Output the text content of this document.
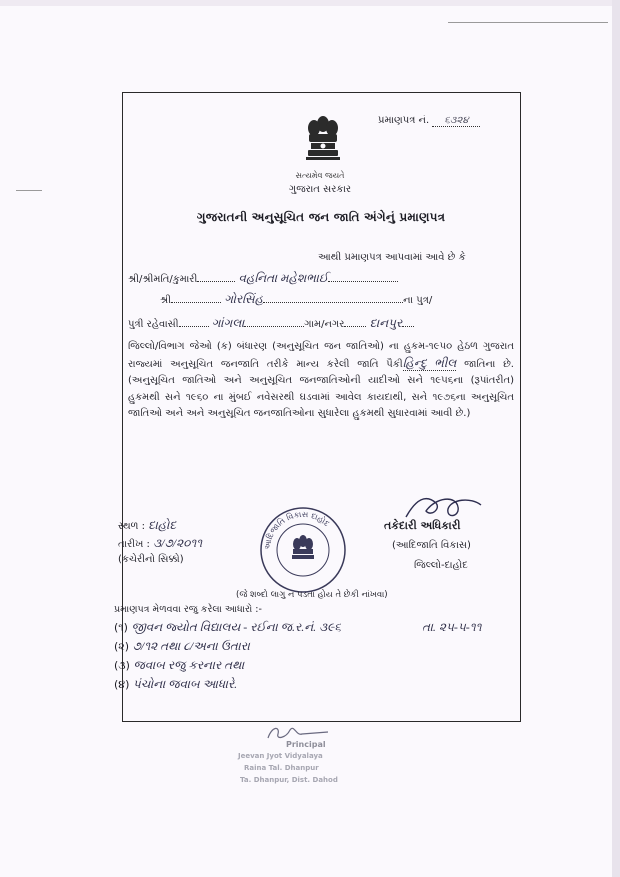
પ્રમાણપત્ર નં. ૬૩૨૪
સત્યમેવ જયતે
ગુજરાત સરકાર
ગુજરાતની અનુસૂચિત જન જાતિ અંગેનું પ્રમાણપત્ર
આથી પ્રમાણપત્ર આપવામાં આવે છે કે
શ્રી/શ્રીમતિ/કુમારી	વહનિતા મહેશભાઈ
શ્રી	ગોરસિંહ	ના પુત્ર/
પુત્રી રહેવાસી	ગાંગલા	ગામ/નગર દાનપુર
જિલ્લો/વિભાગ જેઓ (ક) બંધારણ (અનુસૂચિત જન જાતિઓ) ના હુકમ-૧૯૫૦ હેઠળ ગુજરાત રાજ્યમાં અનુસૂચિત જનજાતિ તરીકે માન્ય કરેલી જાતિ પૈકીહિન્દુ ભીલ જાતિના છે. (અનુસૂચિત જાતિઓ અને અનુસૂચિત જનજાતિઓની યાદીઓ સને ૧૯૫૬ના (રૂપાંતરીત) હુકમથી સને ૧૯૬૦ ના મુંબઈ નવેસરથી ઘડવામાં આવેલ કાયદાથી, સને ૧૯૭૬ના અનુસૂચિત જાતિઓ અને અને અનુસૂચિત જનજાતિઓના સુધારેલા હુકમથી સુધારવામાં આવી છે.)
સ્થળ : દાહોદ
તારીખ : ૩/૭/૨૦૧૧
(કચેરીનો સિક્કો)
આદિજાતિ વિકાસ દાહોદ	તકેદારી અધિકારી
(આદિજાતિ વિકાસ)
જિલ્લો-દાહોદ
(જે શબ્દો લાગુ ન પડતા હોય તે છેકી નાંખવા)
પ્રમાણપત્ર મેળવવા રજુ કરેલા આધારો :-
(૧) જીવન જ્યોત વિદ્યાલય - રઈના જ.ર.નં. ૩૯૬	તા. ૨૫-૫-૧૧
(૨) ૭/૧૨ તથા ૮/અના ઉતારા
(૩) જવાબ રજુ કરનાર તથા
(૪) પંચોના જવાબ આધારે.
Principal
Jeevan Jyot Vidyalaya
Raina Tal. Dhanpur
Ta. Dhanpur, Dist. Dahod
